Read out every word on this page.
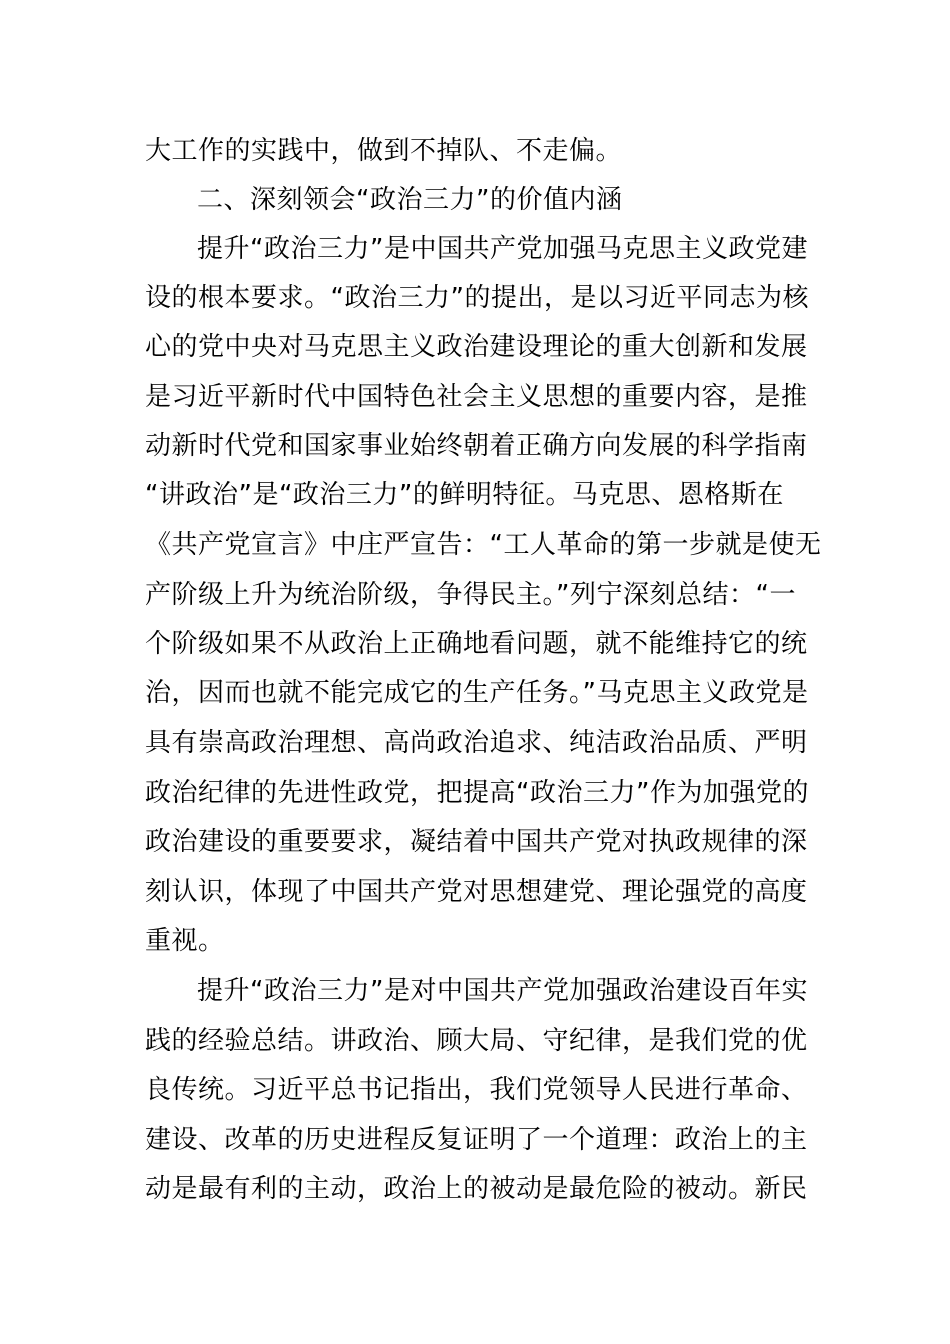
大工作的实践中，做到不掉队、不走偏。
二、深刻领会“政治三力”的价值内涵
提升“政治三力”是中国共产党加强马克思主义政党建
设的根本要求。“政治三力”的提出，是以习近平同志为核
心的党中央对马克思主义政治建设理论的重大创新和发展
是习近平新时代中国特色社会主义思想的重要内容，是推
动新时代党和国家事业始终朝着正确方向发展的科学指南
“讲政治”是“政治三力”的鲜明特征。马克思、恩格斯在
《共产党宣言》中庄严宣告：“工人革命的第一步就是使无
产阶级上升为统治阶级，争得民主。”列宁深刻总结：“一
个阶级如果不从政治上正确地看问题，就不能维持它的统
治，因而也就不能完成它的生产任务。”马克思主义政党是
具有崇高政治理想、高尚政治追求、纯洁政治品质、严明
政治纪律的先进性政党，把提高“政治三力”作为加强党的
政治建设的重要要求，凝结着中国共产党对执政规律的深
刻认识，体现了中国共产党对思想建党、理论强党的高度
重视。
提升“政治三力”是对中国共产党加强政治建设百年实
践的经验总结。讲政治、顾大局、守纪律，是我们党的优
良传统。习近平总书记指出，我们党领导人民进行革命、
建设、改革的历史进程反复证明了一个道理：政治上的主
动是最有利的主动，政治上的被动是最危险的被动。新民
